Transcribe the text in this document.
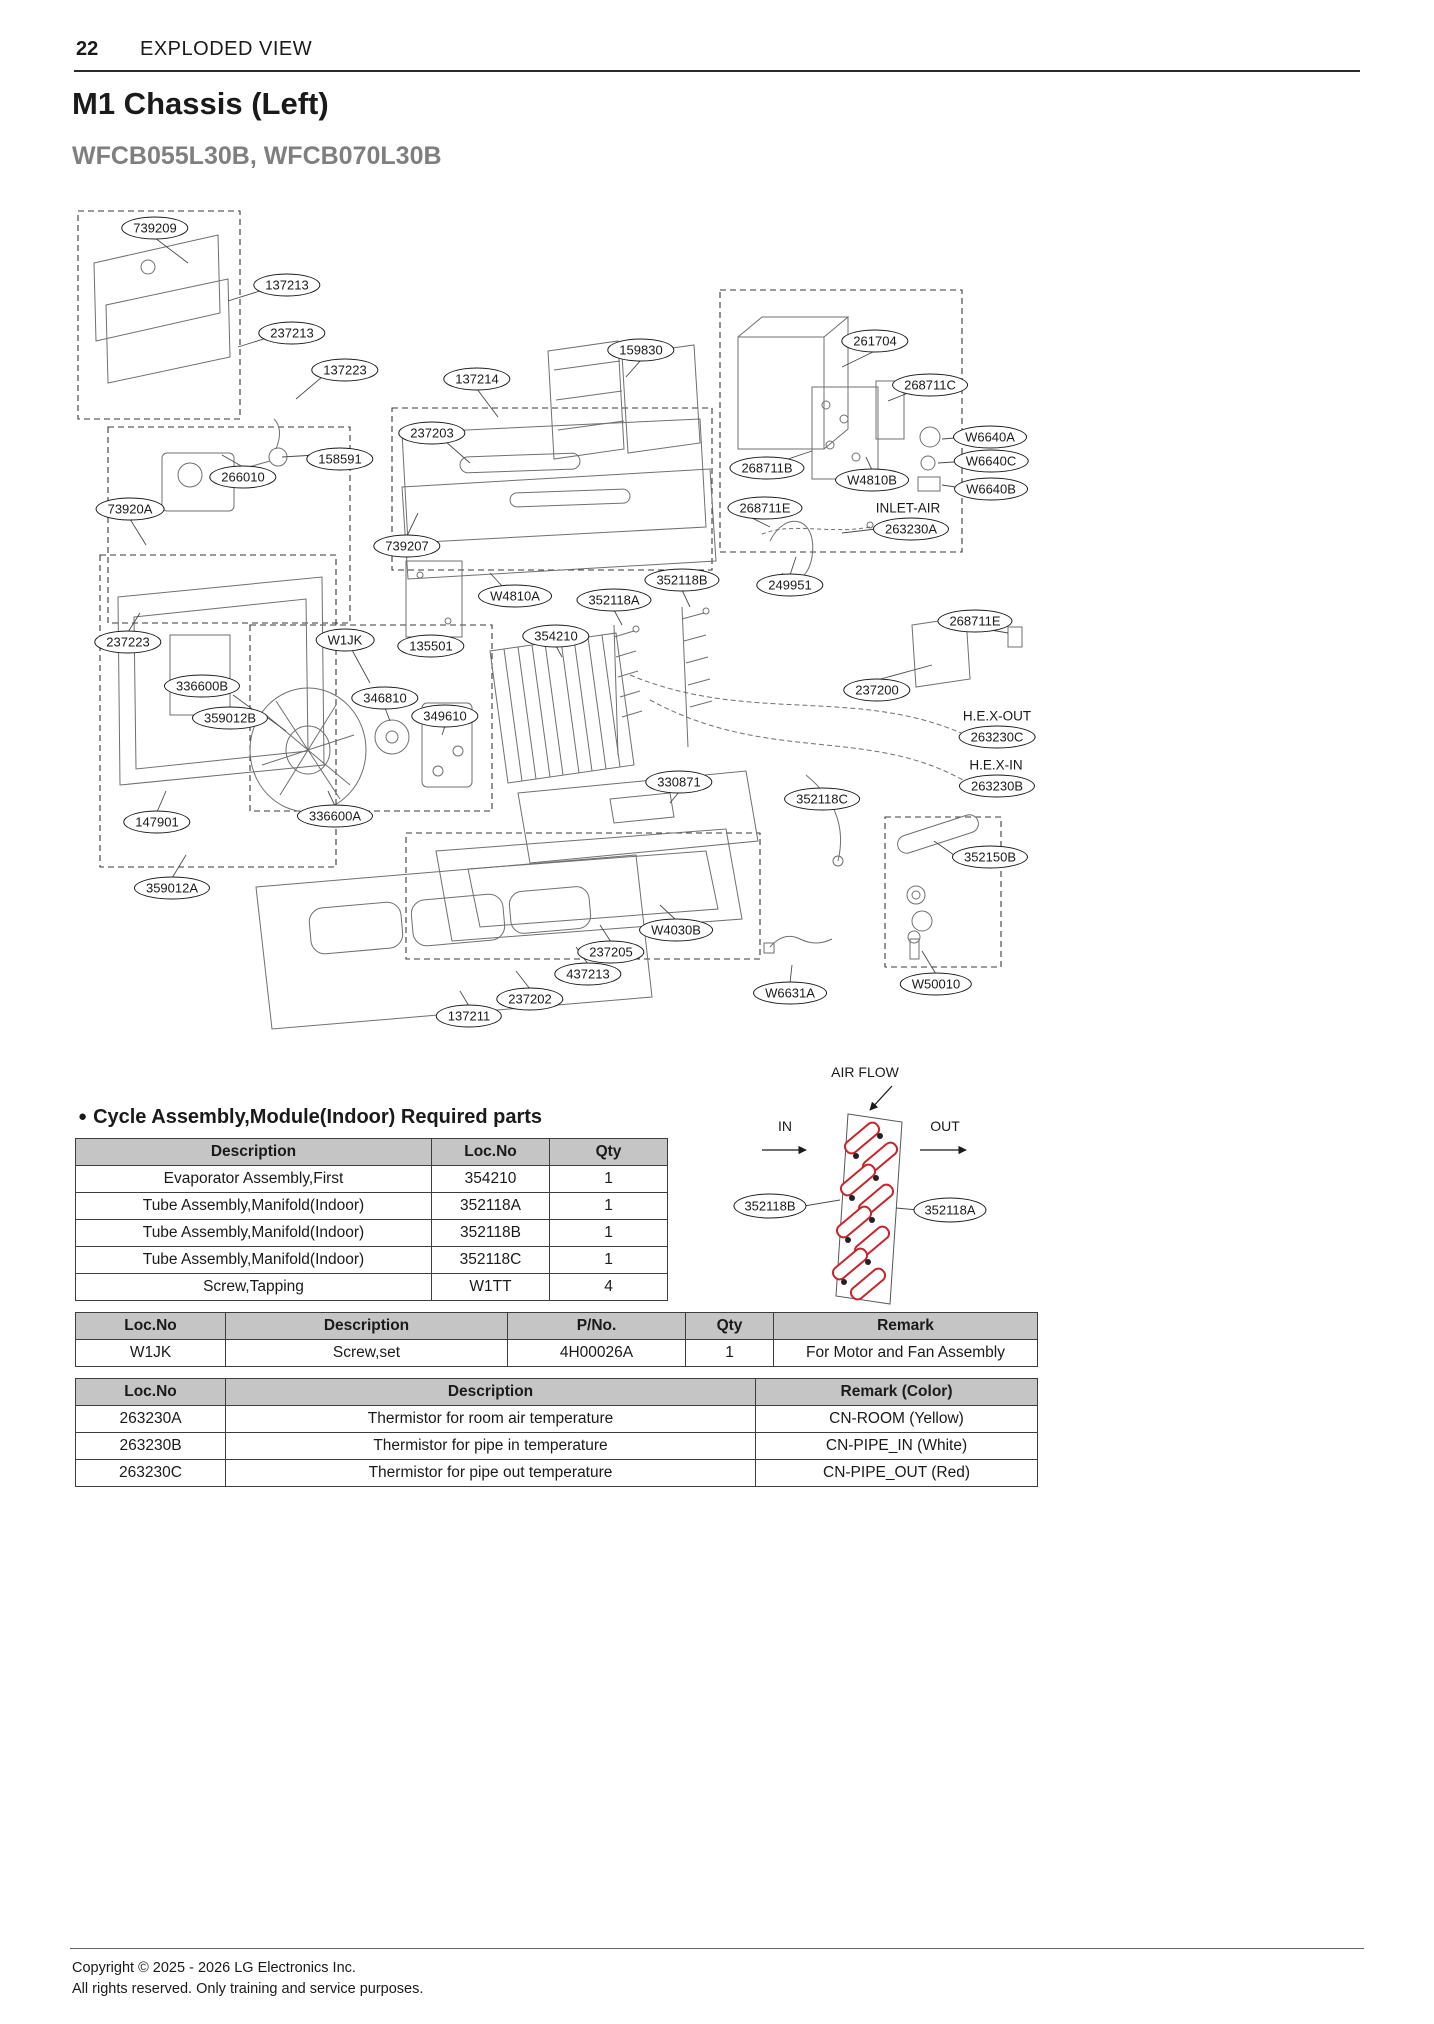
22 EXPLODED VIEW
M1 Chassis (Left)
WFCB055L30B, WFCB070L30B
739209
137213
237213
137223
137214
159830
261704
268711C
237203
268711B
W4810B
W6640A
W6640C
W6640B
266010
158591
268711E	INLET-AIR
263230A
73920A
739207
249951
237223
W4810A	352118A
352118B
268711E
354210
W1JK	135501
237200
336600B
346810
349610
359012B	H.E.X-OUT
263230C
H.E.X-IN
263230B
330871
352118C
147901	336600A
352150B
359012A
W4030B
237205
437213
237202	W6631A
W50010
137211
AIR FLOW
IN	OUT
352118B	352118A
● Cycle Assembly,Module(Indoor) Required parts
Description	Loc.No	Qty
Evaporator Assembly,First	354210	1
Tube Assembly,Manifold(Indoor)	352118A	1
Tube Assembly,Manifold(Indoor)	352118B	1
Tube Assembly,Manifold(Indoor)	352118C	1
Screw,Tapping	W1TT	4
Loc.No	Description	P/No.	Qty	Remark
W1JK	Screw,set	4H00026A	1	For Motor and Fan Assembly
Loc.No	Description	Remark (Color)
263230A	Thermistor for room air temperature	CN-ROOM (Yellow)
263230B	Thermistor for pipe in temperature	CN-PIPE_IN (White)
263230C	Thermistor for pipe out temperature	CN-PIPE_OUT (Red)
Copyright © 2025 - 2026 LG Electronics Inc.
All rights reserved. Only training and service purposes.
